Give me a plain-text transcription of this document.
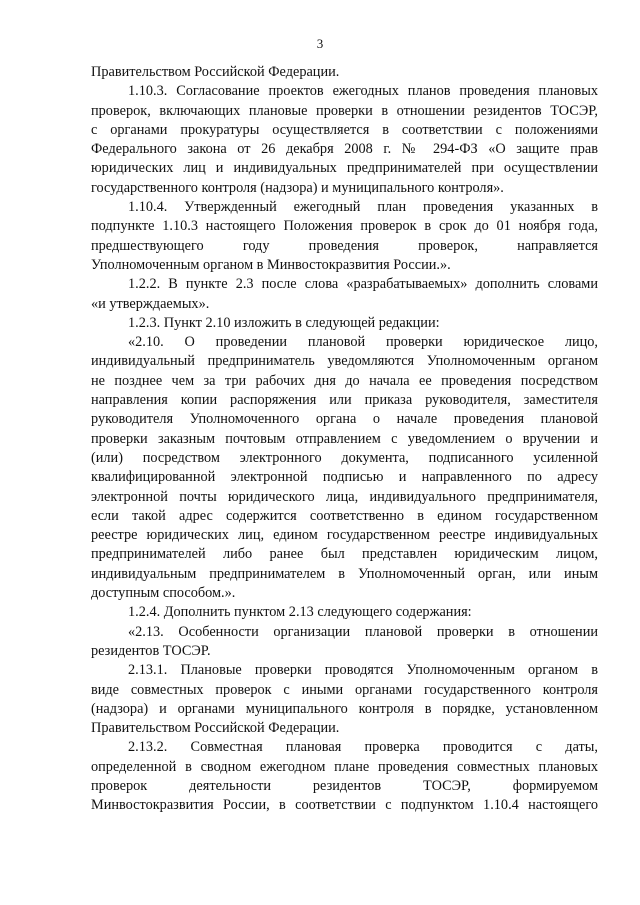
3
Правительством Российской Федерации.
1.10.3. Согласование проектов ежегодных планов проведения плановых
проверок, включающих плановые проверки в отношении резидентов ТОСЭР,
с органами прокуратуры осуществляется в соответствии с положениями
Федерального закона от 26 декабря 2008 г. № 294-ФЗ «О защите прав
юридических лиц и индивидуальных предпринимателей при осуществлении
государственного контроля (надзора) и муниципального контроля».
1.10.4. Утвержденный ежегодный план проведения указанных в
подпункте 1.10.3 настоящего Положения проверок в срок до 01 ноября года,
предшествующего году проведения проверок, направляется
Уполномоченным органом в Минвостокразвития России.».
1.2.2. В пункте 2.3 после слова «разрабатываемых» дополнить словами
«и утверждаемых».
1.2.3. Пункт 2.10 изложить в следующей редакции:
«2.10. О проведении плановой проверки юридическое лицо,
индивидуальный предприниматель уведомляются Уполномоченным органом
не позднее чем за три рабочих дня до начала ее проведения посредством
направления копии распоряжения или приказа руководителя, заместителя
руководителя Уполномоченного органа о начале проведения плановой
проверки заказным почтовым отправлением с уведомлением о вручении и
(или) посредством электронного документа, подписанного усиленной
квалифицированной электронной подписью и направленного по адресу
электронной почты юридического лица, индивидуального предпринимателя,
если такой адрес содержится соответственно в едином государственном
реестре юридических лиц, едином государственном реестре индивидуальных
предпринимателей либо ранее был представлен юридическим лицом,
индивидуальным предпринимателем в Уполномоченный орган, или иным
доступным способом.».
1.2.4. Дополнить пунктом 2.13 следующего содержания:
«2.13. Особенности организации плановой проверки в отношении
резидентов ТОСЭР.
2.13.1. Плановые проверки проводятся Уполномоченным органом в
виде совместных проверок с иными органами государственного контроля
(надзора) и органами муниципального контроля в порядке, установленном
Правительством Российской Федерации.
2.13.2. Совместная плановая проверка проводится с даты,
определенной в сводном ежегодном плане проведения совместных плановых
проверок деятельности резидентов ТОСЭР, формируемом
Минвостокразвития России, в соответствии с подпунктом 1.10.4 настоящего
